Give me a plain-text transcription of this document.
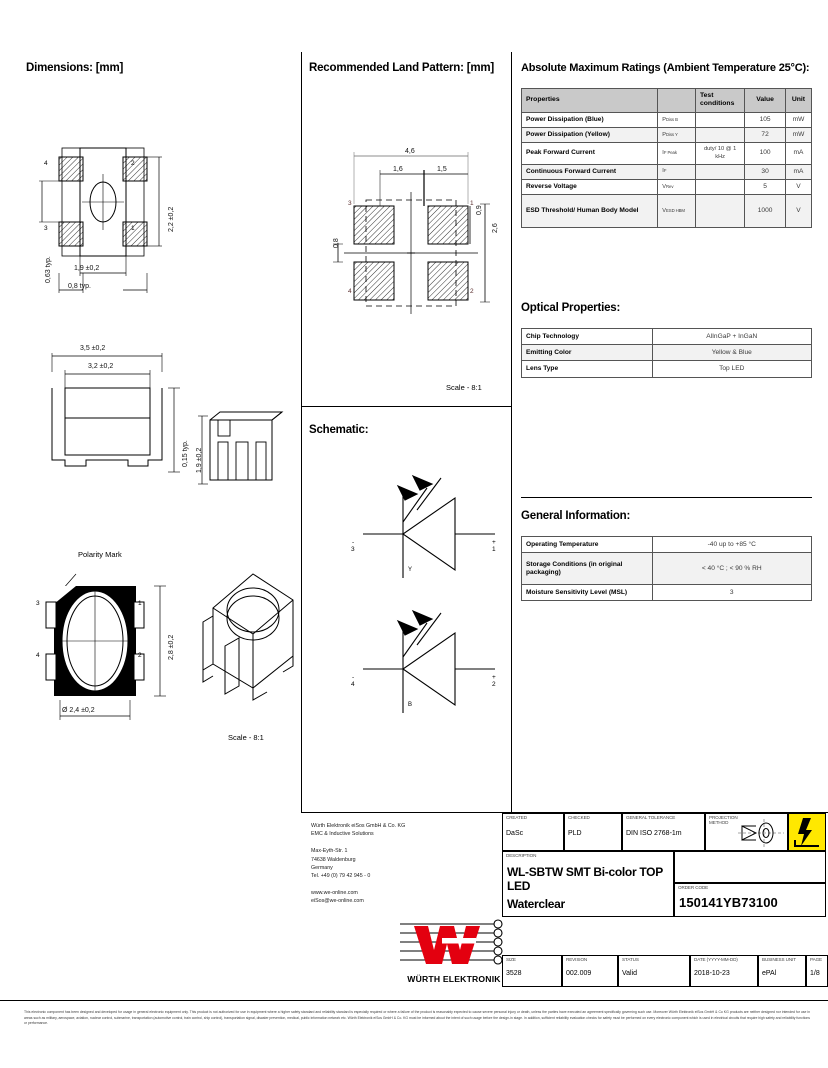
Dimensions: [mm]
4	2
3	1	2,2 ±0,2
0,63 typ.	1,9 ±0,2
0,8 typ.
3,5 ±0,2
3,2 ±0,2
0,15 typ. 1,9 ±0,2
Polarity Mark
3
4
1
2	2,8 ±0,2
Ø 2,4 ±0,2
Scale - 8:1
Recommended Land Pattern: [mm]
4,6
1,6	1,5
0,9
2,6
0,8
3	1
4	2
Scale - 8:1
Schematic:
-
3
+
1
Y
-
4
+
2
B
Absolute Maximum Ratings (Ambient Temperature 25°C):
Properties		Test conditions	Value	Unit
Power Dissipation (Blue)	PDiss B		105	mW
Power Dissipation (Yellow)	PDiss Y		72	mW
Peak Forward Current	IF Peak	duty/ 10 @ 1 kHz	100	mA
Continuous Forward Current	IF		30	mA
Reverse Voltage	VRev		5	V
ESD Threshold/ Human Body Model	VESD HBM		1000	V
Optical Properties:
Chip Technology	AlInGaP + InGaN
Emitting Color	Yellow & Blue
Lens Type	Top LED
General Information:
Operating Temperature	-40 up to +85 °C
Storage Conditions (in original packaging)	< 40 °C ; < 90 % RH
Moisture Sensitivity Level (MSL)	3
Würth Elektronik eiSos GmbH & Co. KG
EMC & Inductive Solutions
Max-Eyth-Str. 1
74638 Waldenburg
Germany
Tel. +49 (0) 79 42 945 - 0
www.we-online.com
eiSos@we-online.com
WÜRTH ELEKTRONIK
CREATED
DaSc
CHECKED
PLD
GENERAL TOLERANCE
DIN ISO 2768-1m
PROJECTION METHOD
DESCRIPTION
WL-SBTW SMT Bi-color TOP LED
Waterclear
ORDER CODE
150141YB73100
SIZE
3528
REVISION
002.009
STATUS
Valid
DATE (YYYY-MM-DD)
2018-10-23
BUSINESS UNIT
ePAl
PAGE
1/8
This electronic component has been designed and developed for usage in general electronic equipment only. This product is not authorized for use in equipment where a higher safety standard and reliability standard is especially required or where a failure of the product is reasonably expected to cause severe personal injury or death, unless the parties have executed an agreement specifically governing such use. Moreover Würth Elektronik eiSos GmbH & Co KG products are neither designed nor intended for use in areas such as military, aerospace, aviation, nuclear control, submarine, transportation (automotive control, train control, ship control), transportation signal, disaster prevention, medical, public information network etc. Würth Elektronik eiSos GmbH & Co. KG must be informed about the intent of such usage before the design-in stage. In addition, sufficient reliability evaluation checks for safety must be performed on every electronic component which is used in electrical circuits that require high safety and reliability functions or performance.
